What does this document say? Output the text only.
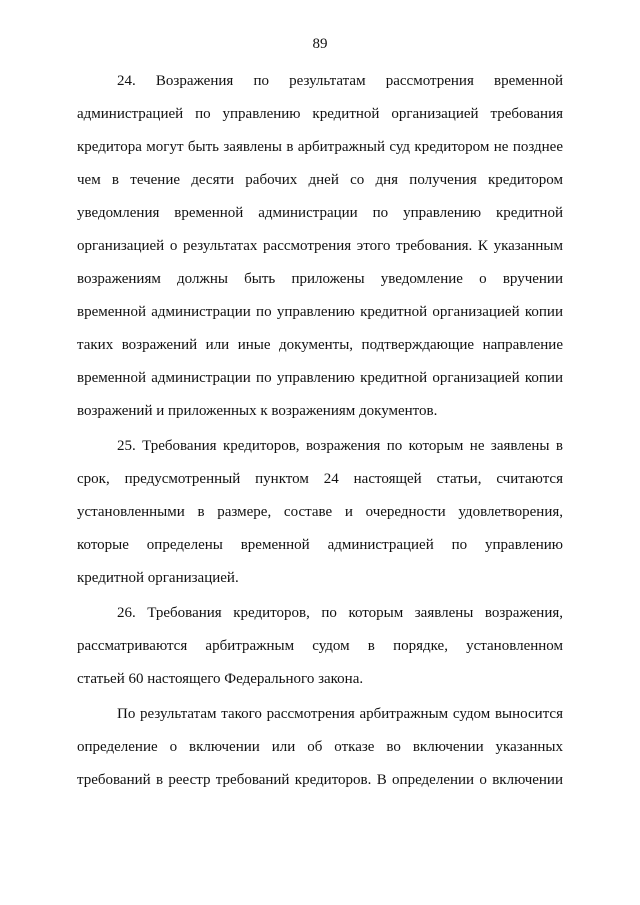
89
24. Возражения по результатам рассмотрения временной
администрацией по управлению кредитной организацией требования
кредитора могут быть заявлены в арбитражный суд кредитором не позднее
чем в течение десяти рабочих дней со дня получения кредитором
уведомления временной администрации по управлению кредитной
организацией о результатах рассмотрения этого требования. К указанным
возражениям должны быть приложены уведомление о вручении
временной администрации по управлению кредитной организацией копии
таких возражений или иные документы, подтверждающие направление
временной администрации по управлению кредитной организацией копии
возражений и приложенных к возражениям документов.
25. Требования кредиторов, возражения по которым не заявлены в
срок, предусмотренный пунктом 24 настоящей статьи, считаются
установленными в размере, составе и очередности удовлетворения,
которые определены временной администрацией по управлению
кредитной организацией.
26. Требования кредиторов, по которым заявлены возражения,
рассматриваются арбитражным судом в порядке, установленном
статьей 60 настоящего Федерального закона.
По результатам такого рассмотрения арбитражным судом выносится
определение о включении или об отказе во включении указанных
требований в реестр требований кредиторов. В определении о включении
